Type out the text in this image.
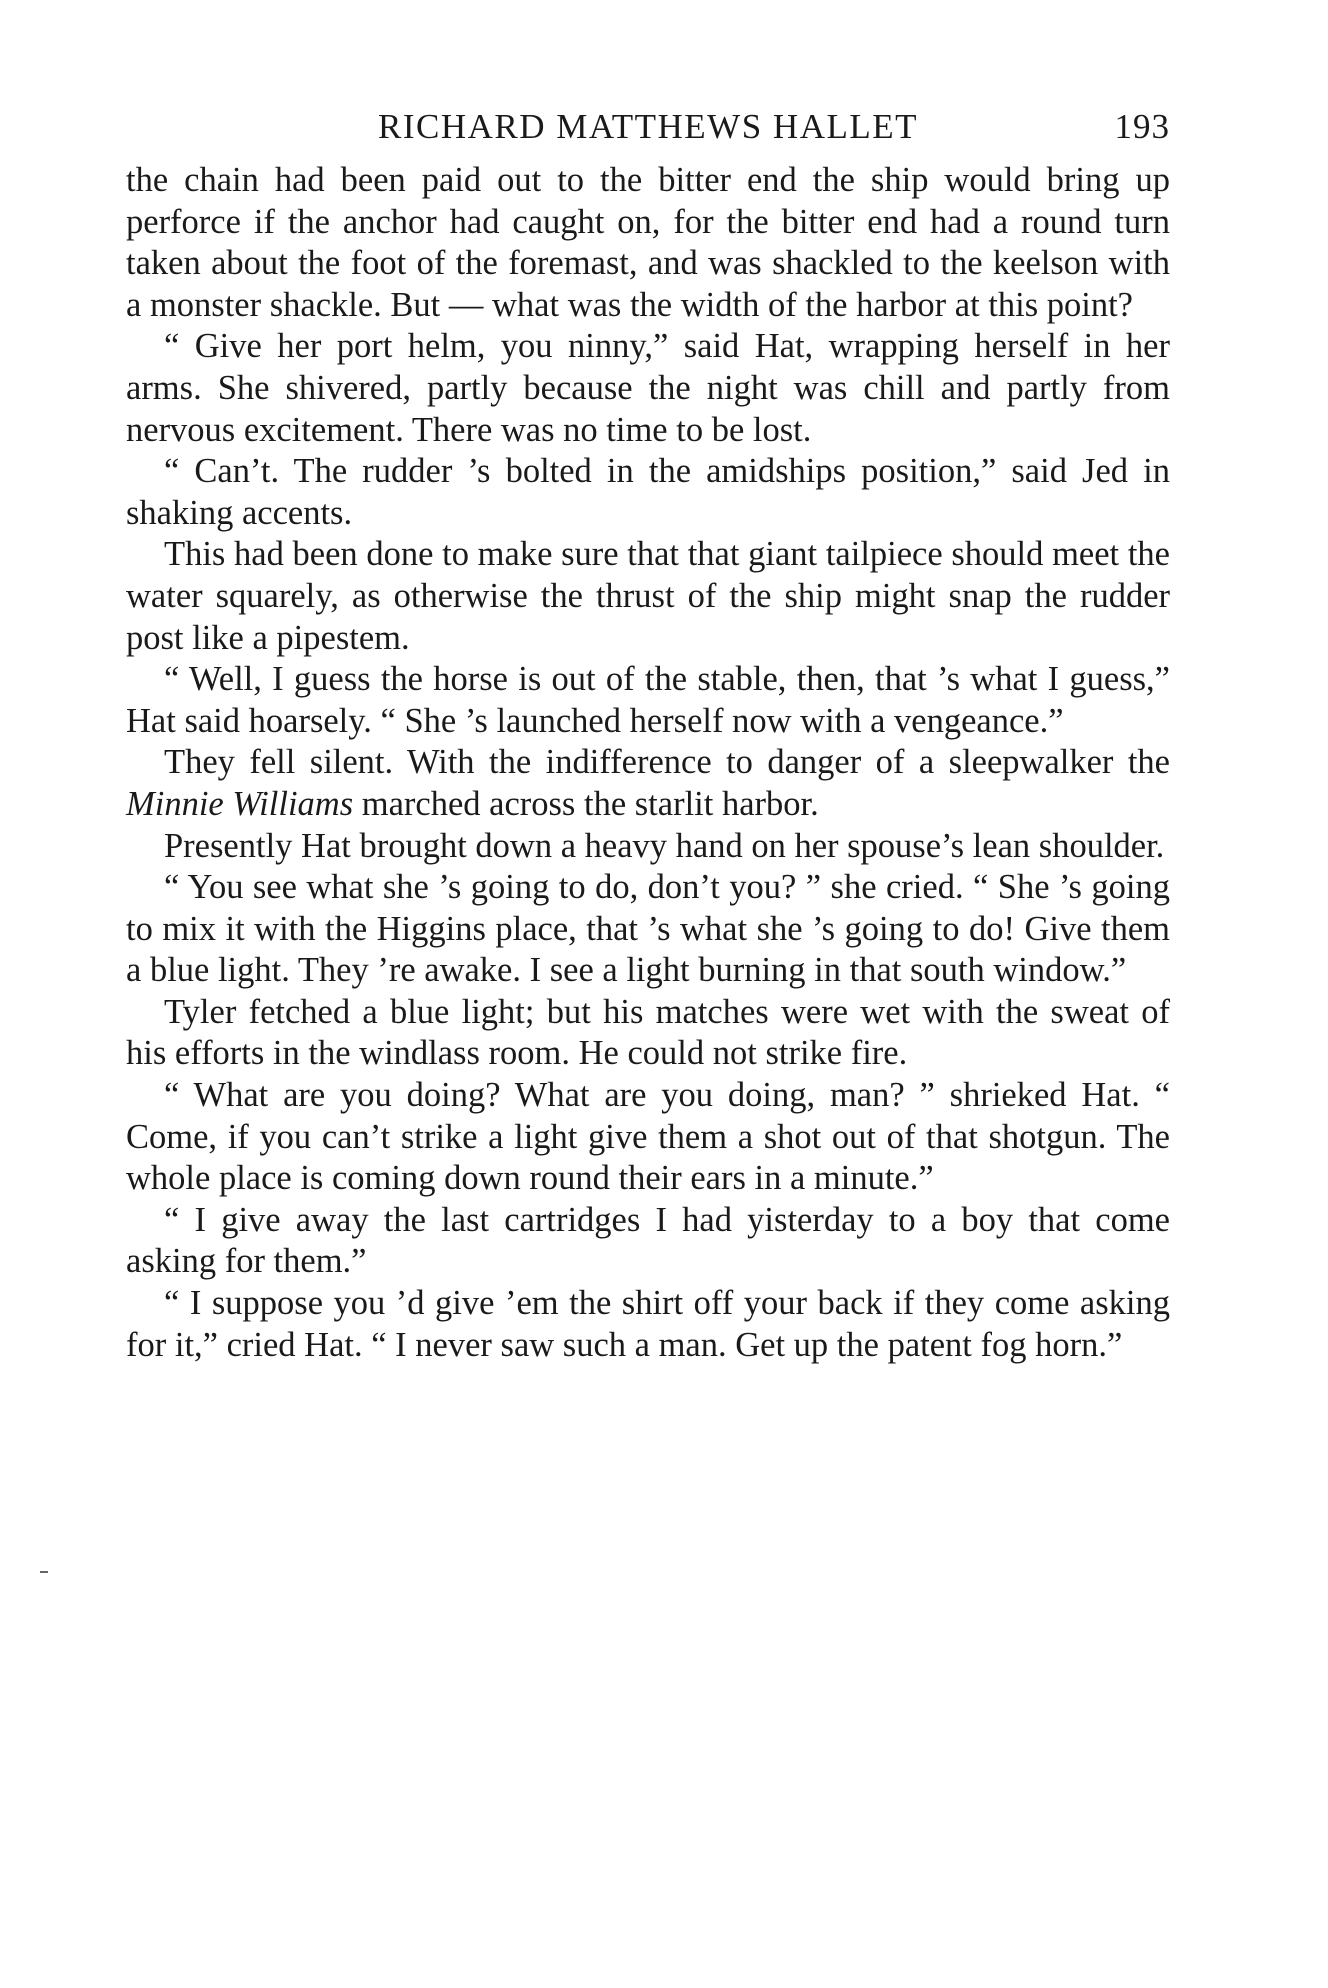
RICHARD MATTHEWS HALLET	193

the chain had been paid out to the bitter end the ship would bring up perforce if the anchor had caught on, for the bitter end had a round turn taken about the foot of the foremast, and was shackled to the keelson with a monster shackle. But — what was the width of the harbor at this point?

“ Give her port helm, you ninny,” said Hat, wrapping herself in her arms. She shivered, partly because the night was chill and partly from nervous excitement. There was no time to be lost.

“ Can’t. The rudder ’s bolted in the amidships position,” said Jed in shaking accents.

This had been done to make sure that that giant tailpiece should meet the water squarely, as otherwise the thrust of the ship might snap the rudder post like a pipestem.

“ Well, I guess the horse is out of the stable, then, that ’s what I guess,” Hat said hoarsely. “ She ’s launched herself now with a vengeance.”

They fell silent. With the indifference to danger of a sleepwalker the Minnie Williams marched across the starlit harbor.

Presently Hat brought down a heavy hand on her spouse’s lean shoulder.

“ You see what she ’s going to do, don’t you? ” she cried. “ She ’s going to mix it with the Higgins place, that ’s what she ’s going to do! Give them a blue light. They ’re awake. I see a light burning in that south window.”

Tyler fetched a blue light; but his matches were wet with the sweat of his efforts in the windlass room. He could not strike fire.

“ What are you doing? What are you doing, man? ” shrieked Hat. “ Come, if you can’t strike a light give them a shot out of that shotgun. The whole place is coming down round their ears in a minute.”

“ I give away the last cartridges I had yisterday to a boy that come asking for them.”

“ I suppose you ’d give ’em the shirt off your back if they come asking for it,” cried Hat. “ I never saw such a man. Get up the patent fog horn.”
